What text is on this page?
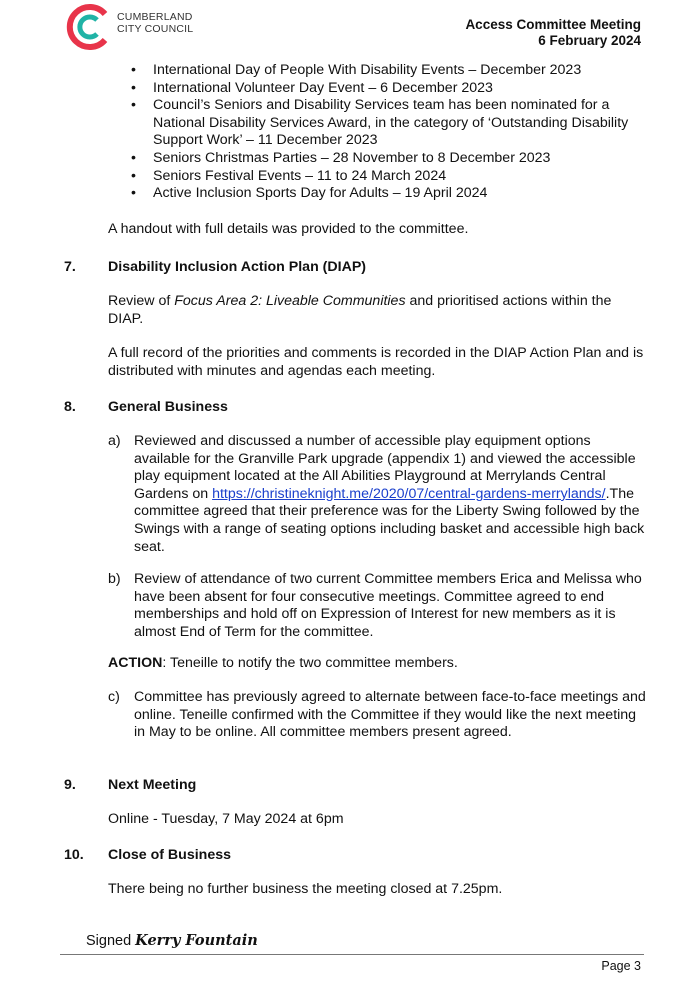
CUMBERLAND
CITY COUNCIL	Access Committee Meeting
6 February 2024
• International Day of People With Disability Events – December 2023
• International Volunteer Day Event – 6 December 2023
• Council’s Seniors and Disability Services team has been nominated for a National Disability Services Award, in the category of ‘Outstanding Disability Support Work’ – 11 December 2023
• Seniors Christmas Parties – 28 November to 8 December 2023
• Seniors Festival Events – 11 to 24 March 2024
• Active Inclusion Sports Day for Adults – 19 April 2024

A handout with full details was provided to the committee.

7. Disability Inclusion Action Plan (DIAP)

Review of Focus Area 2: Liveable Communities and prioritised actions within the DIAP.

A full record of the priorities and comments is recorded in the DIAP Action Plan and is distributed with minutes and agendas each meeting.

8. General Business
a) Reviewed and discussed a number of accessible play equipment options available for the Granville Park upgrade (appendix 1) and viewed the accessible play equipment located at the All Abilities Playground at Merrylands Central Gardens on https://christineknight.me/2020/07/central-gardens-merrylands/.The committee agreed that their preference was for the Liberty Swing followed by the Swings with a range of seating options including basket and accessible high back seat.

b) Review of attendance of two current Committee members Erica and Melissa who have been absent for four consecutive meetings. Committee agreed to end memberships and hold off on Expression of Interest for new members as it is almost End of Term for the committee.

ACTION: Teneille to notify the two committee members.

c) Committee has previously agreed to alternate between face-to-face meetings and online. Teneille confirmed with the Committee if they would like the next meeting in May to be online. All committee members present agreed.

9. Next Meeting

Online - Tuesday, 7 May 2024 at 6pm

10. Close of Business

There being no further business the meeting closed at 7.25pm.

Signed Kerry Fountain
Page 3
